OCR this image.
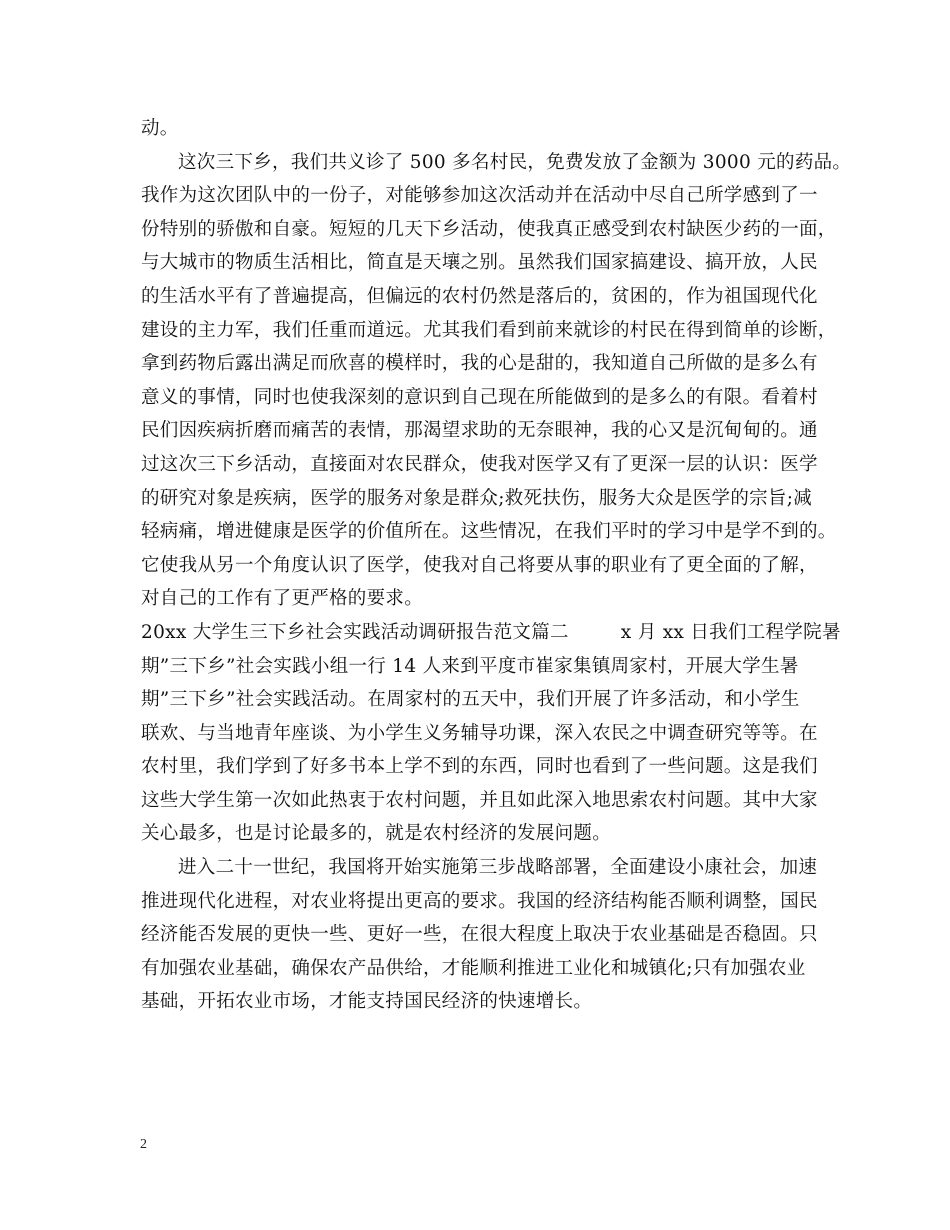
动。
这次三下乡，我们共义诊了 500 多名村民，免费发放了金额为 3000 元的药品。
我作为这次团队中的一份子，对能够参加这次活动并在活动中尽自己所学感到了一
份特别的骄傲和自豪。短短的几天下乡活动，使我真正感受到农村缺医少药的一面，
与大城市的物质生活相比，简直是天壤之别。虽然我们国家搞建设、搞开放，人民
的生活水平有了普遍提高，但偏远的农村仍然是落后的，贫困的，作为祖国现代化
建设的主力军，我们任重而道远。尤其我们看到前来就诊的村民在得到简单的诊断，
拿到药物后露出满足而欣喜的模样时，我的心是甜的，我知道自己所做的是多么有
意义的事情，同时也使我深刻的意识到自己现在所能做到的是多么的有限。看着村
民们因疾病折磨而痛苦的表情，那渴望求助的无奈眼神，我的心又是沉甸甸的。通
过这次三下乡活动，直接面对农民群众，使我对医学又有了更深一层的认识：医学
的研究对象是疾病，医学的服务对象是群众;救死扶伤，服务大众是医学的宗旨;减
轻病痛，增进健康是医学的价值所在。这些情况，在我们平时的学习中是学不到的。
它使我从另一个角度认识了医学，使我对自己将要从事的职业有了更全面的了解，
对自己的工作有了更严格的要求。
20xx 大学生三下乡社会实践活动调研报告范文篇二	x 月 xx 日我们工程学院暑
期”三下乡”社会实践小组一行 14 人来到平度市崔家集镇周家村，开展大学生暑
期”三下乡”社会实践活动。在周家村的五天中，我们开展了许多活动，和小学生
联欢、与当地青年座谈、为小学生义务辅导功课，深入农民之中调查研究等等。在
农村里，我们学到了好多书本上学不到的东西，同时也看到了一些问题。这是我们
这些大学生第一次如此热衷于农村问题，并且如此深入地思索农村问题。其中大家
关心最多，也是讨论最多的，就是农村经济的发展问题。
进入二十一世纪，我国将开始实施第三步战略部署，全面建设小康社会，加速
推进现代化进程，对农业将提出更高的要求。我国的经济结构能否顺利调整，国民
经济能否发展的更快一些、更好一些，在很大程度上取决于农业基础是否稳固。只
有加强农业基础，确保农产品供给，才能顺利推进工业化和城镇化;只有加强农业
基础，开拓农业市场，才能支持国民经济的快速增长。
2
